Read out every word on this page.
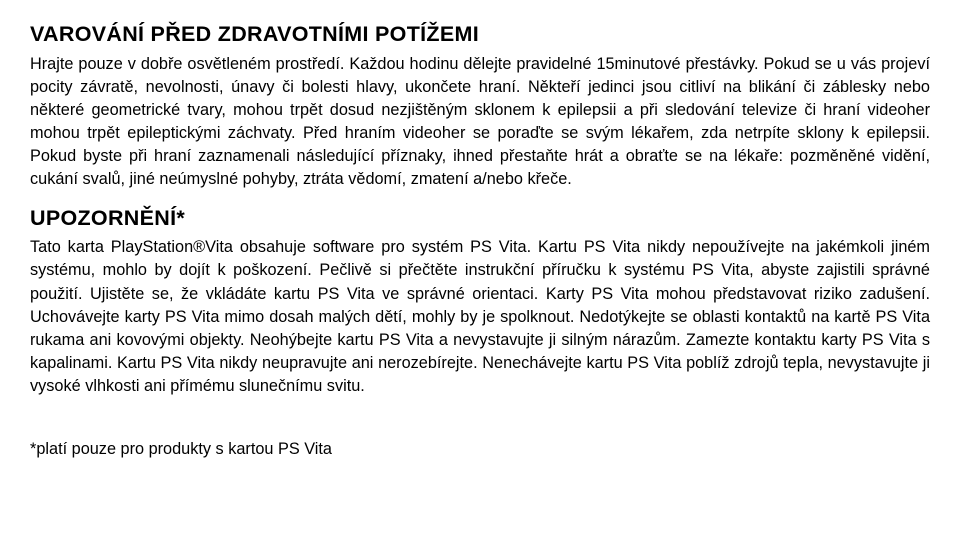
VAROVÁNÍ PŘED ZDRAVOTNÍMI POTÍŽEMI

Hrajte pouze v dobře osvětleném prostředí. Každou hodinu dělejte pravidelné 15minutové přestávky. Pokud se u vás projeví pocity závratě, nevolnosti, únavy či bolesti hlavy, ukončete hraní. Někteří jedinci jsou citliví na blikání či záblesky nebo některé geometrické tvary, mohou trpět dosud nezjištěným sklonem k epilepsii a při sledování televize či hraní videoher mohou trpět epileptickými záchvaty. Před hraním videoher se poraďte se svým lékařem, zda netrpíte sklony k epilepsii. Pokud byste při hraní zaznamenali následující příznaky, ihned přestaňte hrát a obraťte se na lékaře: pozměněné vidění, cukání svalů, jiné neúmyslné pohyby, ztráta vědomí, zmatení a/nebo křeče.

UPOZORNĚNÍ*

Tato karta PlayStation®Vita obsahuje software pro systém PS Vita. Kartu PS Vita nikdy nepoužívejte na jakémkoli jiném systému, mohlo by dojít k poškození. Pečlivě si přečtěte instrukční příručku k systému PS Vita, abyste zajistili správné použití. Ujistěte se, že vkládáte kartu PS Vita ve správné orientaci. Karty PS Vita mohou představovat riziko zadušení. Uchovávejte karty PS Vita mimo dosah malých dětí, mohly by je spolknout. Nedotýkejte se oblasti kontaktů na kartě PS Vita rukama ani kovovými objekty. Neohýbejte kartu PS Vita a nevystavujte ji silným nárazům. Zamezte kontaktu karty PS Vita s kapalinami. Kartu PS Vita nikdy neupravujte ani nerozebírejte. Nenechávejte kartu PS Vita poblíž zdrojů tepla, nevystavujte ji vysoké vlhkosti ani přímému slunečnímu svitu.

*platí pouze pro produkty s kartou PS Vita
